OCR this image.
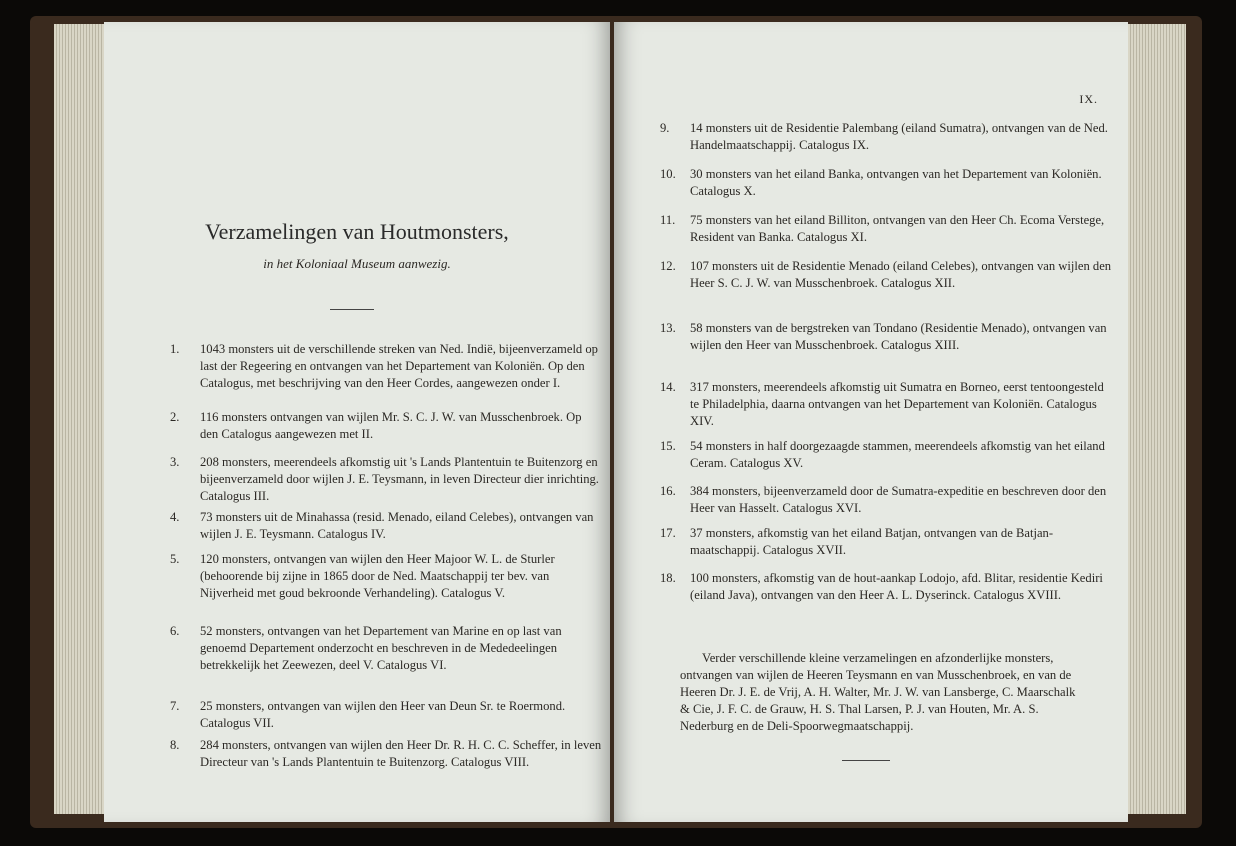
Verzamelingen van Houtmonsters,
in het Koloniaal Museum aanwezig.
1. 1043 monsters uit de verschillende streken van Ned. Indië, bijeenverzameld op last der Regeering en ontvangen van het Departement van Koloniën. Op den Catalogus, met beschrijving van den Heer Cordes, aangewezen onder I.
2. 116 monsters ontvangen van wijlen Mr. S. C. J. W. van Musschenbroek. Op den Catalogus aangewezen met II.
3. 208 monsters, meerendeels afkomstig uit 's Lands Plantentuin te Buitenzorg en bijeenverzameld door wijlen J. E. Teysmann, in leven Directeur dier inrichting. Catalogus III.
4. 73 monsters uit de Minahassa (resid. Menado, eiland Celebes), ontvangen van wijlen J. E. Teysmann. Catalogus IV.
5. 120 monsters, ontvangen van wijlen den Heer Majoor W. L. de Sturler (behoorende bij zijne in 1865 door de Ned. Maatschappij ter bev. van Nijverheid met goud bekroonde Verhandeling). Catalogus V.
6. 52 monsters, ontvangen van het Departement van Marine en op last van genoemd Departement onderzocht en beschreven in de Mededeelingen betrekkelijk het Zeewezen, deel V. Catalogus VI.
7. 25 monsters, ontvangen van wijlen den Heer van Deun Sr. te Roermond. Catalogus VII.
8. 284 monsters, ontvangen van wijlen den Heer Dr. R. H. C. C. Scheffer, in leven Directeur van 's Lands Plantentuin te Buitenzorg. Catalogus VIII.
IX.
9. 14 monsters uit de Residentie Palembang (eiland Sumatra), ontvangen van de Ned. Handelmaatschappij. Catalogus IX.
10. 30 monsters van het eiland Banka, ontvangen van het Departement van Koloniën. Catalogus X.
11. 75 monsters van het eiland Billiton, ontvangen van den Heer Ch. Ecoma Verstege, Resident van Banka. Catalogus XI.
12. 107 monsters uit de Residentie Menado (eiland Celebes), ontvangen van wijlen den Heer S. C. J. W. van Musschenbroek. Catalogus XII.
13. 58 monsters van de bergstreken van Tondano (Residentie Menado), ontvangen van wijlen den Heer van Musschenbroek. Catalogus XIII.
14. 317 monsters, meerendeels afkomstig uit Sumatra en Borneo, eerst tentoongesteld te Philadelphia, daarna ontvangen van het Departement van Koloniën. Catalogus XIV.
15. 54 monsters in half doorgezaagde stammen, meerendeels afkomstig van het eiland Ceram. Catalogus XV.
16. 384 monsters, bijeenverzameld door de Sumatra-expeditie en beschreven door den Heer van Hasselt. Catalogus XVI.
17. 37 monsters, afkomstig van het eiland Batjan, ontvangen van de Batjan-maatschappij. Catalogus XVII.
18. 100 monsters, afkomstig van de hout-aankap Lodojo, afd. Blitar, residentie Kediri (eiland Java), ontvangen van den Heer A. L. Dyserinck. Catalogus XVIII.
Verder verschillende kleine verzamelingen en afzonderlijke monsters, ontvangen van wijlen de Heeren Teysmann en van Musschenbroek, en van de Heeren Dr. J. E. de Vrij, A. H. Walter, Mr. J. W. van Lansberge, C. Maarschalk & Cie, J. F. C. de Grauw, H. S. Thal Larsen, P. J. van Houten, Mr. A. S. Nederburg en de Deli-Spoorwegmaatschappij.
